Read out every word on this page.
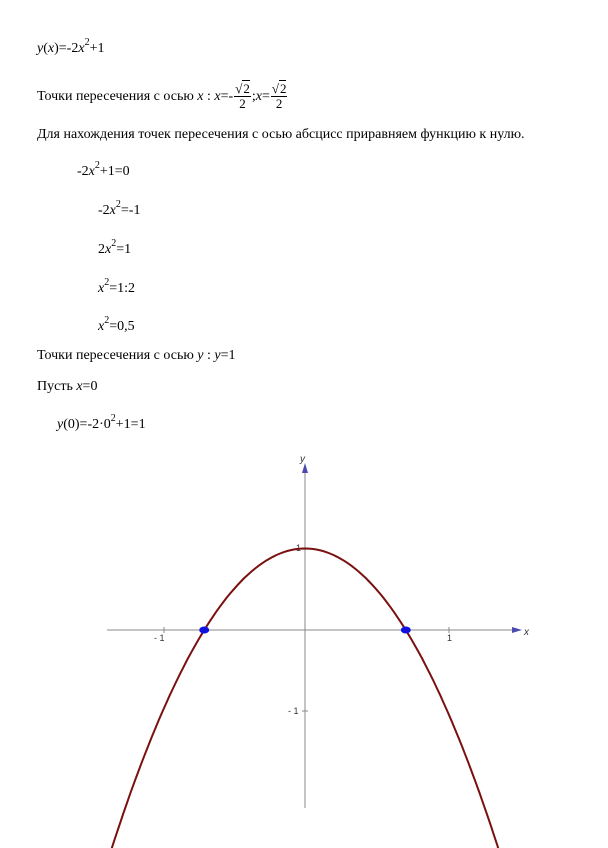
$y(x)=-2x^2+1$
Точки пересечения с осью x : $x=- \frac{√2}{2}$ ;x= $\frac{√2}{2}$
Для нахождения точек пересечения с осью абсцисс приравняем функцию к нулю.
$-2x^2+1=0$
$-2x^2=-1$
$2x^2=1$
$x^2=1:2$
$x^2=0,5$
Точки пересечения с осью y : y=1
Пусть x=0
$y(0)=-2\cdot 0^2+1=1$
x
y
- 1	1
1
- 1
